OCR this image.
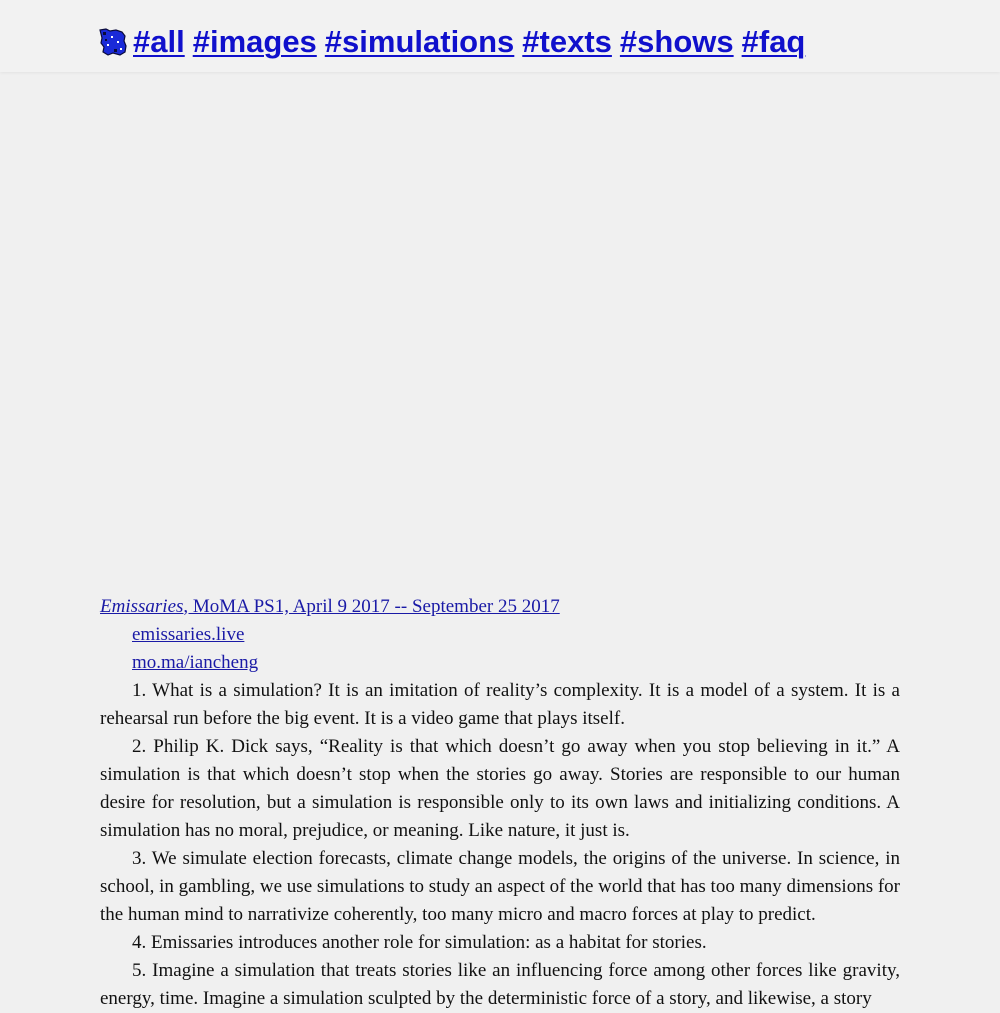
#all #images #simulations #texts #shows #faq

Emissaries, MoMA PS1, April 9 2017 -- September 25 2017

emissaries.live
mo.ma/iancheng

1. What is a simulation? It is an imitation of reality’s complexity. It is a model of a system. It is a rehearsal run before the big event. It is a video game that plays itself.

2. Philip K. Dick says, “Reality is that which doesn’t go away when you stop believing in it.” A simulation is that which doesn’t stop when the stories go away. Stories are responsible to our human desire for resolution, but a simulation is responsible only to its own laws and initializing conditions. A simulation has no moral, prejudice, or meaning. Like nature, it just is.

3. We simulate election forecasts, climate change models, the origins of the universe. In science, in school, in gambling, we use simulations to study an aspect of the world that has too many dimensions for the human mind to narrativize coherently, too many micro and macro forces at play to predict.

4. Emissaries introduces another role for simulation: as a habitat for stories.

5. Imagine a simulation that treats stories like an influencing force among other forces like gravity, energy, time. Imagine a simulation sculpted by the deterministic force of a story, and likewise, a story
